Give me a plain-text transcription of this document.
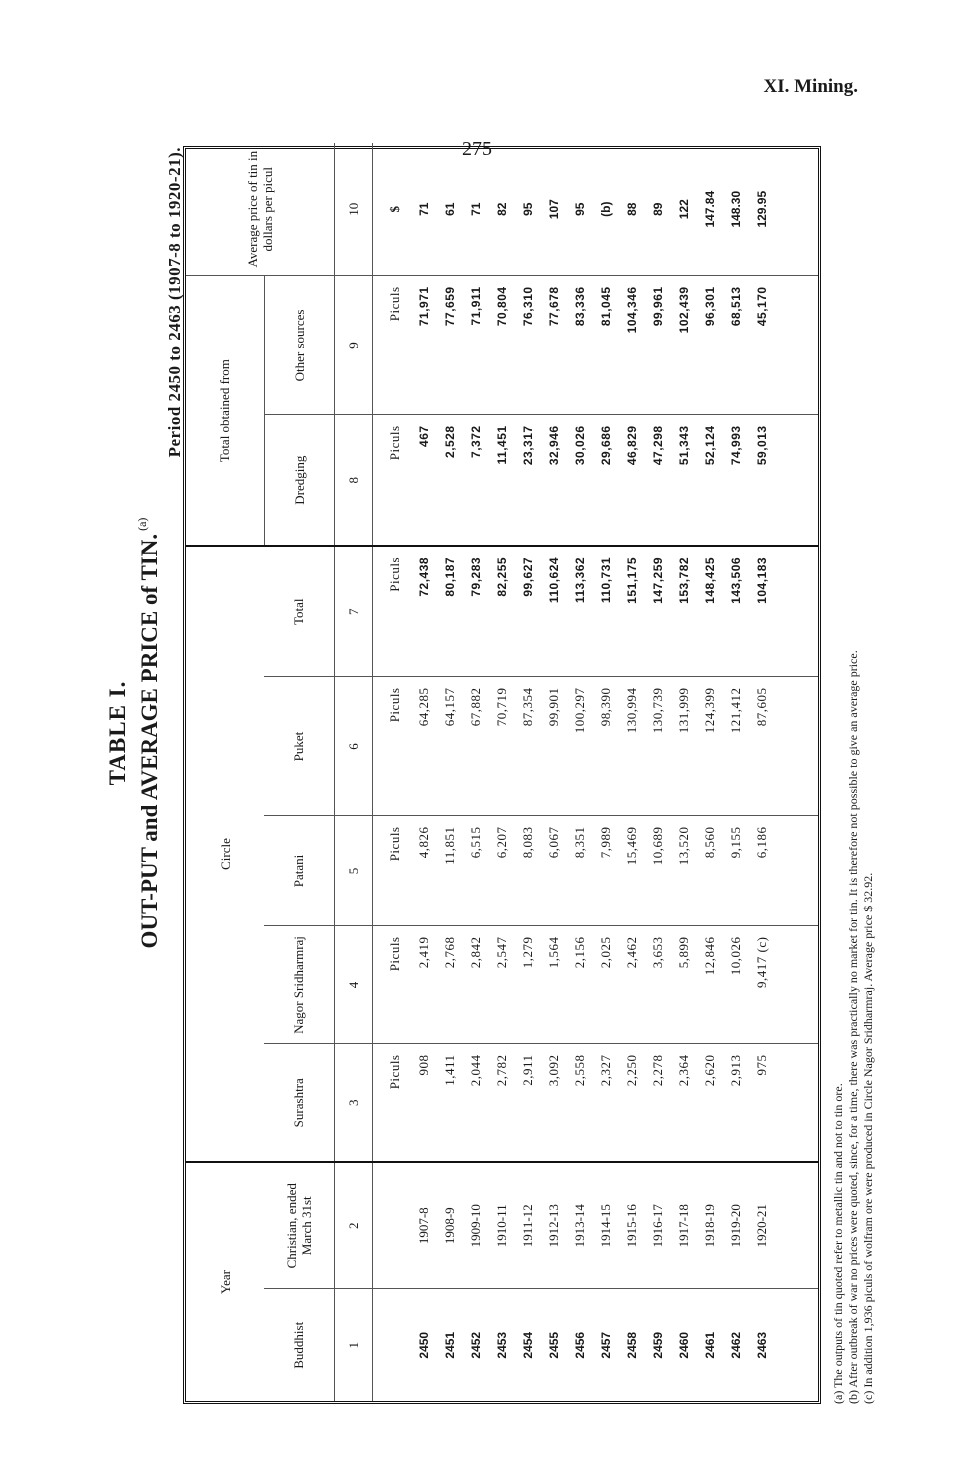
XI. Mining.
275
TABLE I. OUT-PUT and AVERAGE PRICE of TIN.$^{(a)}$
Period 2450 to 2463 (1907-8 to 1920-21).
Year		Circle					Total obtained from		Average price of tin in dollars per picul
Buddhist	Christian, ended March 31st	Surashtra	Nagor Sridharmraj	Patani	Puket	Total	Dredging	Other sources	
1	2	3	4	5	6	7	8	9	10
		Piculs	Piculs	Piculs	Piculs	Piculs	Piculs	Piculs	$
2450	1907-8	908	2,419	4,826	64,285	72,438	467	71,971	71
2451	1908-9	1,411	2,768	11,851	64,157	80,187	2,528	77,659	61
2452	1909-10	2,044	2,842	6,515	67,882	79,283	7,372	71,911	71
2453	1910-11	2,782	2,547	6,207	70,719	82,255	11,451	70,804	82
2454	1911-12	2,911	1,279	8,083	87,354	99,627	23,317	76,310	95
2455	1912-13	3,092	1,564	6,067	99,901	110,624	32,946	77,678	107
2456	1913-14	2,558	2,156	8,351	100,297	113,362	30,026	83,336	95
2457	1914-15	2,327	2,025	7,989	98,390	110,731	29,686	81,045	(b)
2458	1915-16	2,250	2,462	15,469	130,994	151,175	46,829	104,346	88
2459	1916-17	2,278	3,653	10,689	130,739	147,259	47,298	99,961	89
2460	1917-18	2,364	5,899	13,520	131,999	153,782	51,343	102,439	122
2461	1918-19	2,620	12,846	8,560	124,399	148,425	52,124	96,301	147.84
2462	1919-20	2,913	10,026	9,155	121,412	143,506	74,993	68,513	148.30
2463	1920-21	975	9,417 (c)	6,186	87,605	104,183	59,013	45,170	129.95

(a) The outputs of tin quoted refer to metallic tin and not to tin ore. (b) After outbreak of war no prices were quoted, since, for a time, there was practically no market for tin. It is therefore not possible to give an average price. (c) In addition 1,936 piculs of wolfram ore were produced in Circle Nagor Sridharmraj. Average price $ 32.92.
